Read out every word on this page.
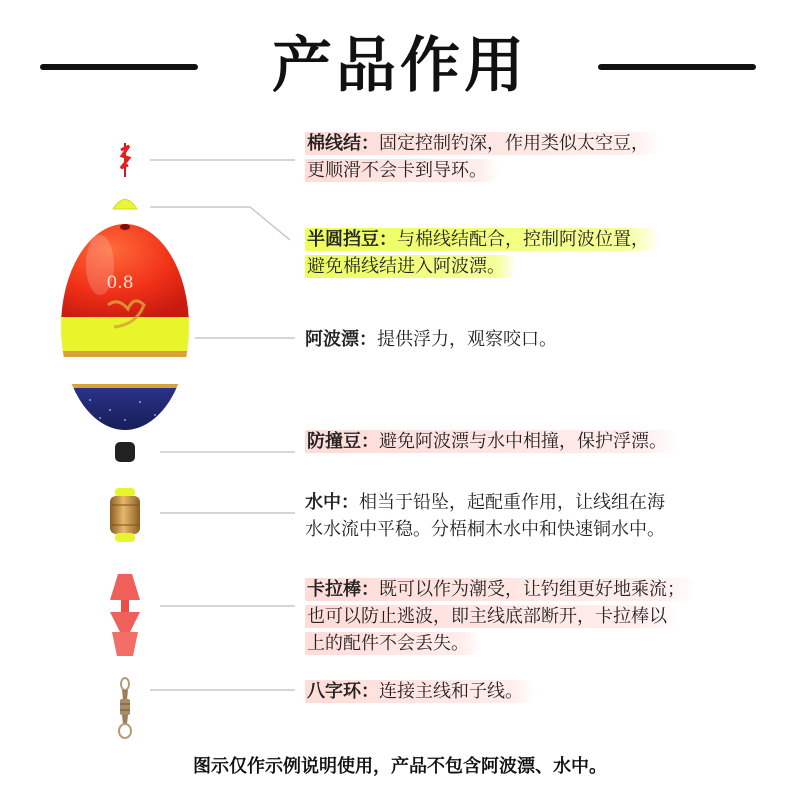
产品作用
0.8
棉线结：固定控制钓深，作用类似太空豆，
更顺滑不会卡到导环。
半圆挡豆：与棉线结配合，控制阿波位置，
避免棉线结进入阿波漂。
阿波漂：提供浮力，观察咬口。
防撞豆：避免阿波漂与水中相撞，保护浮漂。
水中：相当于铅坠，起配重作用，让线组在海
水水流中平稳。分梧桐木水中和快速铜水中。
卡拉棒：既可以作为潮受，让钓组更好地乘流；
也可以防止逃波，即主线底部断开，卡拉棒以
上的配件不会丢失。
八字环：连接主线和子线。
图示仅作示例说明使用，产品不包含阿波漂、水中。
